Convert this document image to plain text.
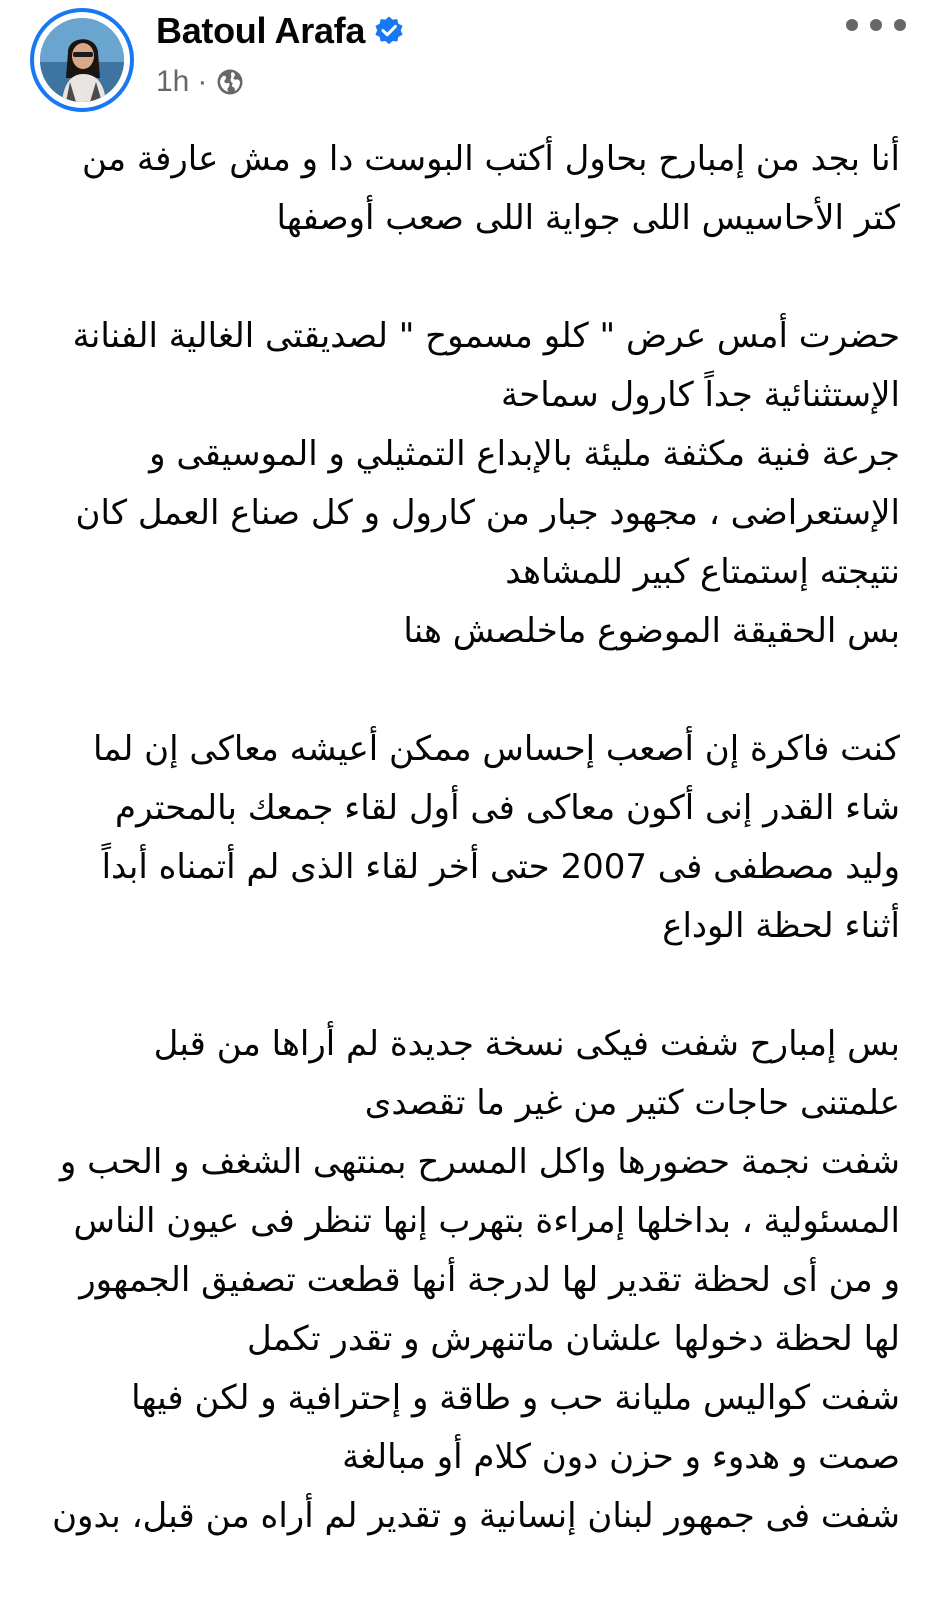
Batoul Arafa
1h ·
أنا بجد من إمبارح بحاول أكتب البوست دا و مش عارفة من
كتر الأحاسيس اللى جواية اللى صعب أوصفها
حضرت أمس عرض " كلو مسموح " لصديقتى الغالية الفنانة
الإستثنائية جداً كارول سماحة
جرعة فنية مكثفة مليئة بالإبداع التمثيلي و الموسيقى و
الإستعراضى ، مجهود جبار من كارول و كل صناع العمل كان
نتيجته إستمتاع كبير للمشاهد
بس الحقيقة الموضوع ماخلصش هنا
كنت فاكرة إن أصعب إحساس ممكن أعيشه معاكى إن لما
شاء القدر إنى أكون معاكى فى أول لقاء جمعك بالمحترم
وليد مصطفى فى 2007 حتى أخر لقاء الذى لم أتمناه أبداً
أثناء لحظة الوداع
بس إمبارح شفت فيكى نسخة جديدة لم أراها من قبل
علمتنى حاجات كتير من غير ما تقصدى
شفت نجمة حضورها واكل المسرح بمنتهى الشغف و الحب و
المسئولية ، بداخلها إمراءة بتهرب إنها تنظر فى عيون الناس
و من أى لحظة تقدير لها لدرجة أنها قطعت تصفيق الجمهور
لها لحظة دخولها علشان ماتنهرش و تقدر تكمل
شفت كواليس مليانة حب و طاقة و إحترافية و لكن فيها
صمت و هدوء و حزن دون كلام أو مبالغة
شفت فى جمهور لبنان إنسانية و تقدير لم أراه من قبل، بدون
